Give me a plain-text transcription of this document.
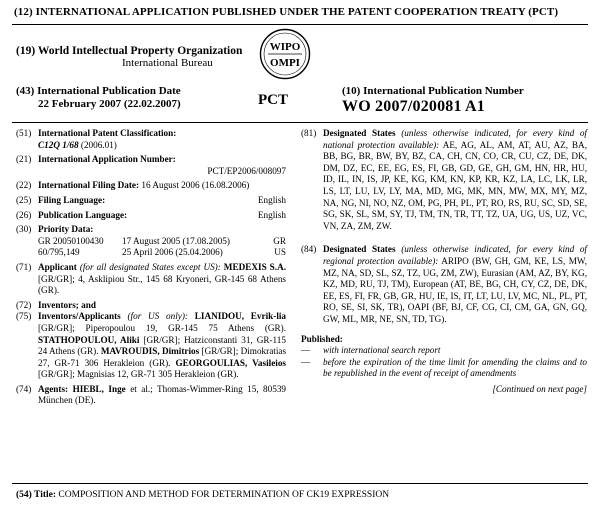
(12) INTERNATIONAL APPLICATION PUBLISHED UNDER THE PATENT COOPERATION TREATY (PCT)
(19) World Intellectual Property Organization
International Bureau
WIPO
OMPI
PCT
(43) International Publication Date
22 February 2007 (22.02.2007)
(10) International Publication Number
WO 2007/020081 A1
(51) International Patent Classification:
C12Q 1/68 (2006.01)
(21) International Application Number:
PCT/EP2006/008097
(22) International Filing Date: 16 August 2006 (16.08.2006)
(25) Filing Language:	English
(26) Publication Language:	English
(30) Priority Data:
GR 20050100430	17 August 2005 (17.08.2005)	GR
60/795,149	25 April 2006 (25.04.2006)	US
(71) Applicant (for all designated States except US): MEDEXIS S.A. [GR/GR]; 4, Asklipiou Str., 145 68 Kryoneri, GR-145 68 Athens (GR).
(72) Inventors; and
(75) Inventors/Applicants (for US only): LIANIDOU, Evrik-lia [GR/GR]; Piperopoulou 19, GR-145 75 Athens (GR). STATHOPOULOU, Aliki [GR/GR]; Hatziconstanti 31, GR-115 24 Athens (GR). MAVROUDIS, Dimitrios [GR/GR]; Dimokratias 27, GR-71 306 Herakleion (GR). GEORGOULIAS, Vasileios [GR/GR]; Magnisias 12, GR-71 305 Herakleion (GR).
(74) Agents: HIEBL, Inge et al.; Thomas-Wimmer-Ring 15, 80539 München (DE).
(81) Designated States (unless otherwise indicated, for every kind of national protection available): AE, AG, AL, AM, AT, AU, AZ, BA, BB, BG, BR, BW, BY, BZ, CA, CH, CN, CO, CR, CU, CZ, DE, DK, DM, DZ, EC, EE, EG, ES, FI, GB, GD, GE, GH, GM, HN, HR, HU, ID, IL, IN, IS, JP, KE, KG, KM, KN, KP, KR, KZ, LA, LC, LK, LR, LS, LT, LU, LV, LY, MA, MD, MG, MK, MN, MW, MX, MY, MZ, NA, NG, NI, NO, NZ, OM, PG, PH, PL, PT, RO, RS, RU, SC, SD, SE, SG, SK, SL, SM, SY, TJ, TM, TN, TR, TT, TZ, UA, UG, US, UZ, VC, VN, ZA, ZM, ZW.
(84) Designated States (unless otherwise indicated, for every kind of regional protection available): ARIPO (BW, GH, GM, KE, LS, MW, MZ, NA, SD, SL, SZ, TZ, UG, ZM, ZW), Eurasian (AM, AZ, BY, KG, KZ, MD, RU, TJ, TM), European (AT, BE, BG, CH, CY, CZ, DE, DK, EE, ES, FI, FR, GB, GR, HU, IE, IS, IT, LT, LU, LV, MC, NL, PL, PT, RO, SE, SI, SK, TR), OAPI (BF, BJ, CF, CG, CI, CM, GA, GN, GQ, GW, ML, MR, NE, SN, TD, TG).
Published:
—	with international search report
—	before the expiration of the time limit for amending the claims and to be republished in the event of receipt of amendments
[Continued on next page]
(54) Title: COMPOSITION AND METHOD FOR DETERMINATION OF CK19 EXPRESSION
